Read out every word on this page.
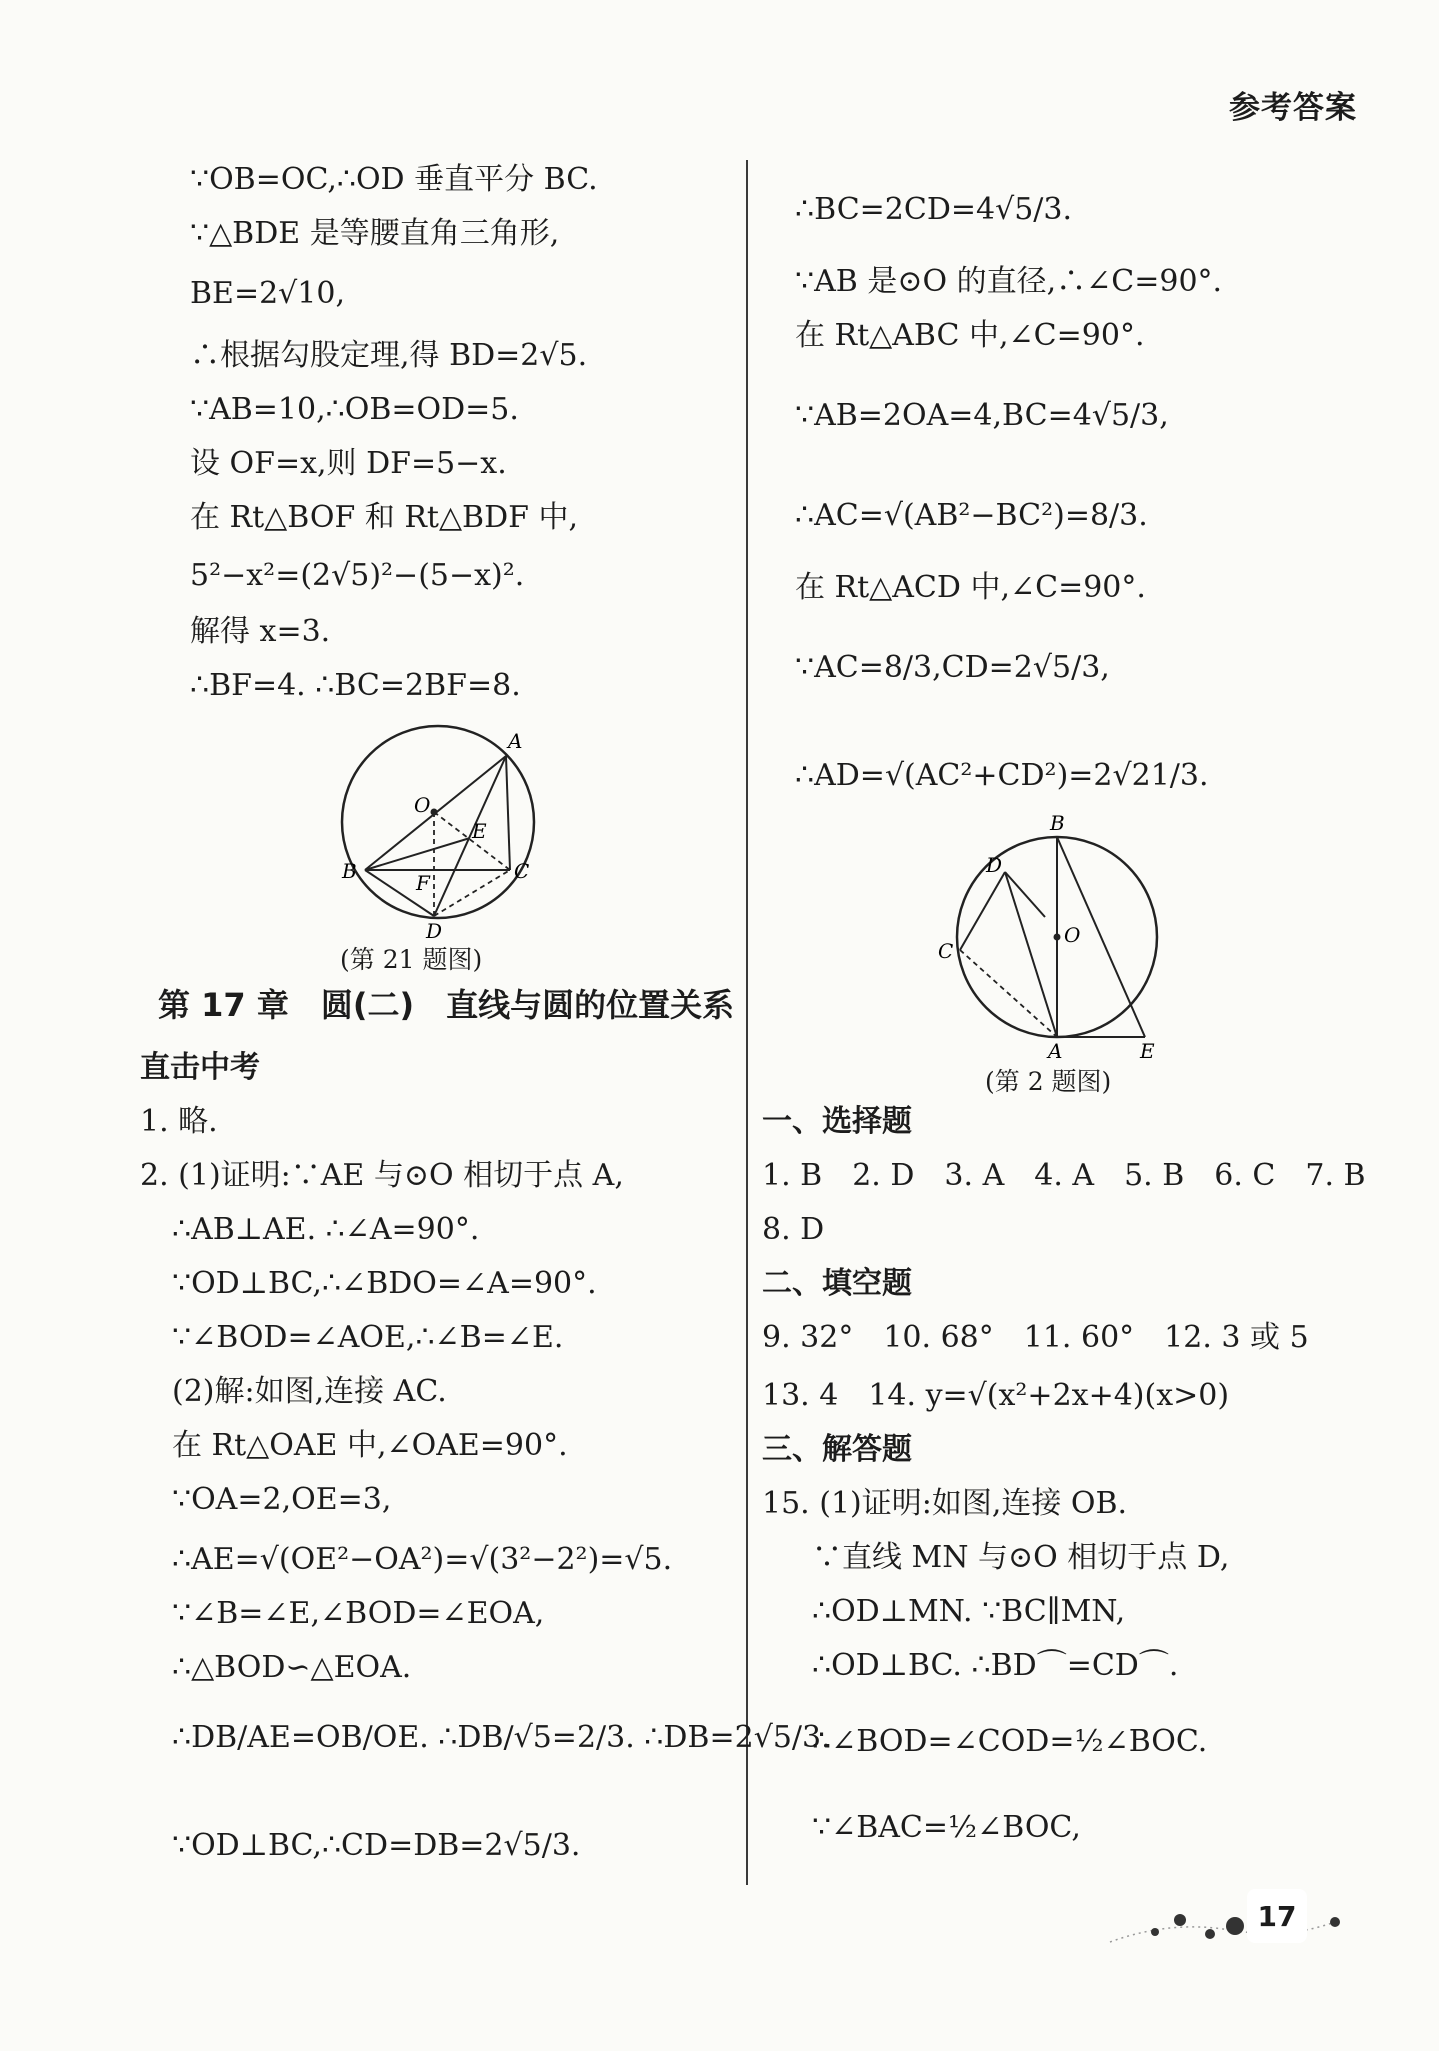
参考答案
∵OB=OC,∴OD 垂直平分 BC.
∵△BDE 是等腰直角三角形,
BE=2√10,
∴根据勾股定理,得 BD=2√5.
∵AB=10,∴OB=OD=5.
设 OF=x,则 DF=5−x.
在 Rt△BOF 和 Rt△BDF 中,
5²−x²=(2√5)²−(5−x)².
解得 x=3.
∴BF=4. ∴BC=2BF=8.
A
O
E
B	F	C
D
(第 21 题图)
第 17 章　圆(二)　直线与圆的位置关系
直击中考
1. 略.
2. (1)证明:∵AE 与⊙O 相切于点 A,
∴AB⊥AE. ∴∠A=90°.
∵OD⊥BC,∴∠BDO=∠A=90°.
∵∠BOD=∠AOE,∴∠B=∠E.
(2)解:如图,连接 AC.
在 Rt△OAE 中,∠OAE=90°.
∵OA=2,OE=3,
∴AE=√(OE²−OA²)=√(3²−2²)=√5.
∵∠B=∠E,∠BOD=∠EOA,
∴△BOD∽△EOA.
∴DB/AE=OB/OE. ∴DB/√5=2/3. ∴DB=2√5/3.
∵OD⊥BC,∴CD=DB=2√5/3.
∴BC=2CD=4√5/3.
∵AB 是⊙O 的直径,∴∠C=90°.
在 Rt△ABC 中,∠C=90°.
∵AB=2OA=4,BC=4√5/3,
∴AC=√(AB²−BC²)=8/3.
在 Rt△ACD 中,∠C=90°.
∵AC=8/3,CD=2√5/3,
∴AD=√(AC²+CD²)=2√21/3.
B
D
O
C
A	E
(第 2 题图)
一、选择题
1. B　2. D　3. A　4. A　5. B　6. C　7. B
8. D
二、填空题
9. 32°　10. 68°　11. 60°　12. 3 或 5
13. 4　14. y=√(x²+2x+4)(x>0)
三、解答题
15. (1)证明:如图,连接 OB.
∵直线 MN 与⊙O 相切于点 D,
∴OD⊥MN. ∵BC∥MN,
∴OD⊥BC. ∴BD⌒=CD⌒.
∴∠BOD=∠COD=½∠BOC.
∵∠BAC=½∠BOC,
17
